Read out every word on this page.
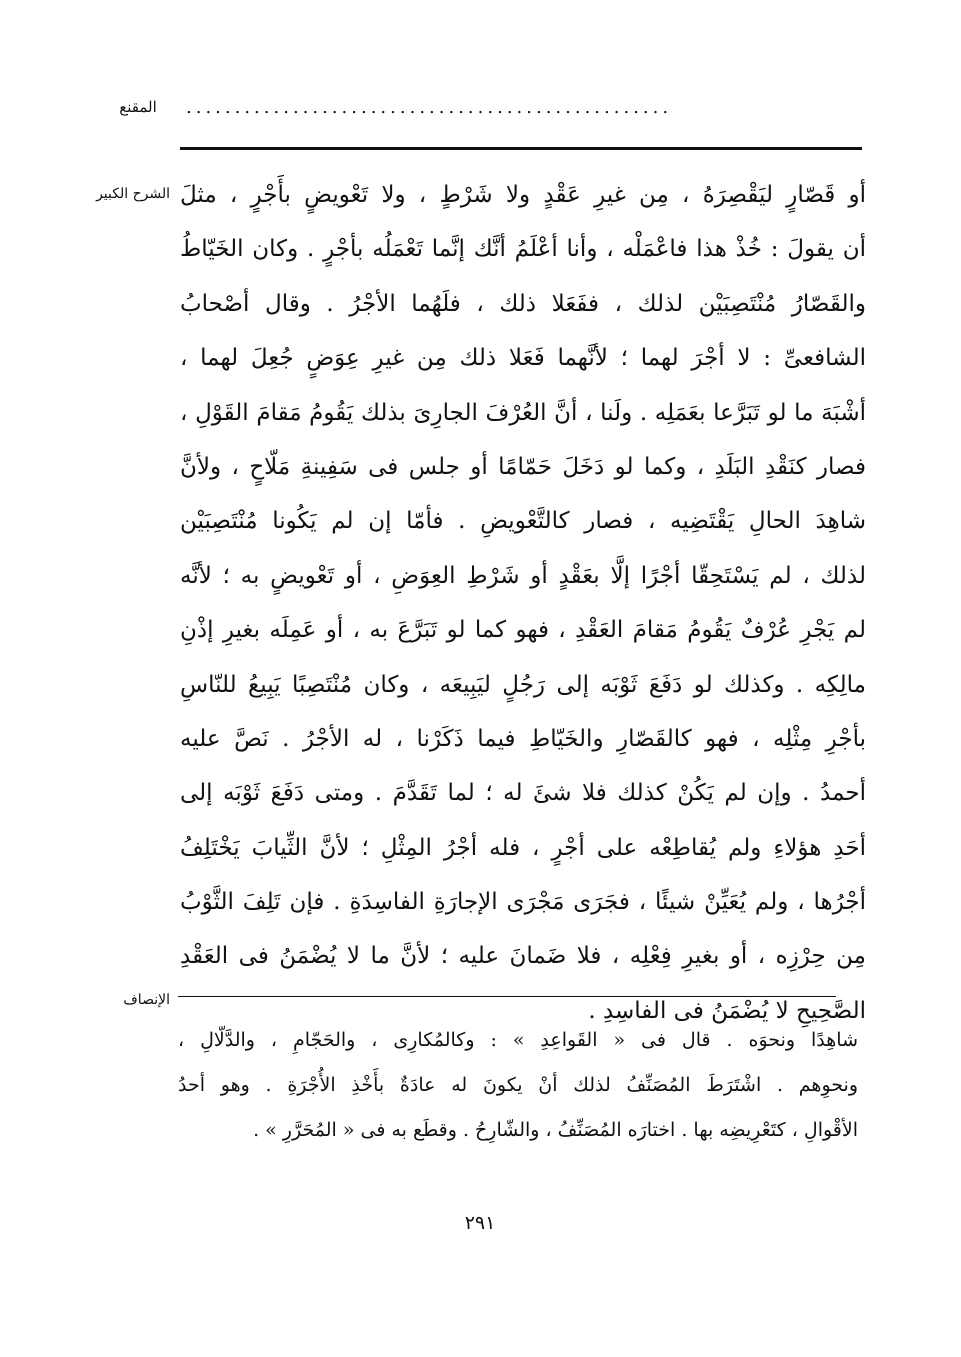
المقنع	..................................................
الشرح الكبير أو قَصّارٍ ليَقْصِرَهُ ، مِن غيرِ عَقْدٍ ولا شَرْطٍ ، ولا تَعْويضٍ بأَجْرٍ ، مثلَ
أن يقولَ : خُذْ هذا فاعْمَلْه ، وأنا أعْلَمُ أنَّك إنَّما تَعْمَلُه بأجْرٍ . وكان الخَيّاطُ
والقَصّارُ مُنْتَصِبَيْن لذلك ، ففَعَلا ذلك ، فلَهُما الأجْرُ . وقال أصْحابُ
الشافعىِّ : لا أجْرَ لهما ؛ لأنَّهما فَعَلا ذلك مِن غيرِ عِوَضٍ جُعِلَ لهما ،
أشْبَهَ ما لو تَبَرَّعا بعَمَلِه . ولَنا ، أنَّ العُرْفَ الجارِىَ بذلك يَقُومُ مَقامَ القَوْلِ ،
فصار كنَقْدِ البَلَدِ ، وكما لو دَخَلَ حَمّامًا أو جلس فى سَفِينةِ مَلّاحٍ ، ولأنَّ
شاهِدَ الحالِ يَقْتَضِيه ، فصار كالتَّعْويضِ . فأمّا إن لم يَكُونا مُنْتَصِبَيْن
لذلك ، لم يَسْتَحِقّا أجْرًا إلَّا بعَقْدٍ أو شَرْطِ العِوَضِ ، أو تَعْويضٍ به ؛ لأنَّه
لم يَجْرِ عُرْفٌ يَقُومُ مَقامَ العَقْدِ ، فهو كما لو تَبَرَّعَ به ، أو عَمِلَه بغيرِ إذْنِ
مالِكِه . وكذلك لو دَفَعَ ثَوْبَه إلى رَجُلٍ ليَبِيعَه ، وكان مُنْتَصِبًا يَبِيعُ للنّاسِ
بأجْرِ مِثْلِه ، فهو كالقَصّارِ والخَيّاطِ فيما ذَكَرْنا ، له الأجْرُ . نَصَّ عليه
أحمدُ . وإن لم يَكُنْ كذلك فلا شئَ له ؛ لما تَقَدَّمَ . ومتى دَفَعَ ثَوْبَه إلى
أحَدِ هؤلاءِ ولم يُقاطِعْه على أجْرٍ ، فله أجْرُ المِثْلِ ؛ لأنَّ الثِّيابَ يَخْتَلِفُ
أجْرُها ، ولم يُعَيِّنْ شيئًا ، فجَرَى مَجْرَى الإجارَةِ الفاسِدَةِ . فإن تَلِفَ الثَّوْبُ
مِن حِرْزِه ، أو بغيرِ فِعْلِه ، فلا ضَمانَ عليه ؛ لأنَّ ما لا يُضْمَنُ فى العَقْدِ
الصَّحِيحِ لا يُضْمَنُ فى الفاسِدِ .
الإنصاف
شاهِدًا ونحوَه . قال فى « القَواعِدِ » : وكالمُكارِى ، والحَجّامِ ، والدَّلّالِ ،
ونحوِهم . اشْتَرَطَ المُصَنِّفُ لذلك أنْ يكونَ له عادَةٌ بأَخْذِ الأُجْرَةِ . وهو أحدُ
الأقْوالِ ، كتَعْرِيضِه بها . اختارَه المُصَنِّفُ ، والشّارِحُ . وقطَع به فى « المُحَرَّرِ » .
٢٩١
